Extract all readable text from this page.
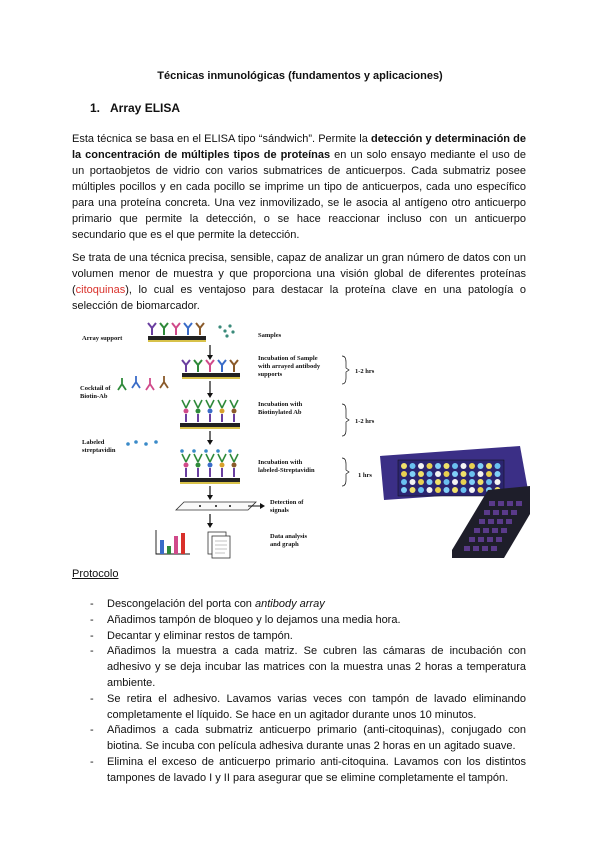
Técnicas inmunológicas (fundamentos y aplicaciones)
1. Array ELISA
Esta técnica se basa en el ELISA tipo “sándwich”. Permite la detección y determinación de la concentración de múltiples tipos de proteínas en un solo ensayo mediante el uso de un portaobjetos de vidrio con varios submatrices de anticuerpos. Cada submatriz posee múltiples pocillos y en cada pocillo se imprime un tipo de anticuerpos, cada uno específico para una proteína concreta. Una vez inmovilizado, se le asocia al antígeno otro anticuerpo primario que permite la detección, o se hace reaccionar incluso con un anticuerpo secundario que es el que permite la detección.
Se trata de una técnica precisa, sensible, capaz de analizar un gran número de datos con un volumen menor de muestra y que proporciona una visión global de diferentes proteínas (citoquinas), lo cual es ventajoso para destacar la proteína clave en una patología o selección de biomarcador.
Array support
Cocktail of
Biotin-Ab
Labeled
streptavidin
Samples
Incubation of Sample
with arrayed antibody
supports	1-2 hrs
Incubation with
Biotinylated Ab
1-2 hrs
Incubation with
labeled-Streptavidin
1 hrs
Detection of
signals
Data analysis
and graph
Protocolo
- Descongelación del porta con antibody array
- Añadimos tampón de bloqueo y lo dejamos una media hora.
- Decantar y eliminar restos de tampón.
- Añadimos la muestra a cada matriz. Se cubren las cámaras de incubación con adhesivo y se deja incubar las matrices con la muestra unas 2 horas a temperatura ambiente.
- Se retira el adhesivo. Lavamos varias veces con tampón de lavado eliminando completamente el líquido. Se hace en un agitador durante unos 10 minutos.
- Añadimos a cada submatriz anticuerpo primario (anti-citoquinas), conjugado con biotina. Se incuba con película adhesiva durante unas 2 horas en un agitado suave.
- Elimina el exceso de anticuerpo primario anti-citoquina. Lavamos con los distintos tampones de lavado I y II para asegurar que se elimine completamente el tampón.
